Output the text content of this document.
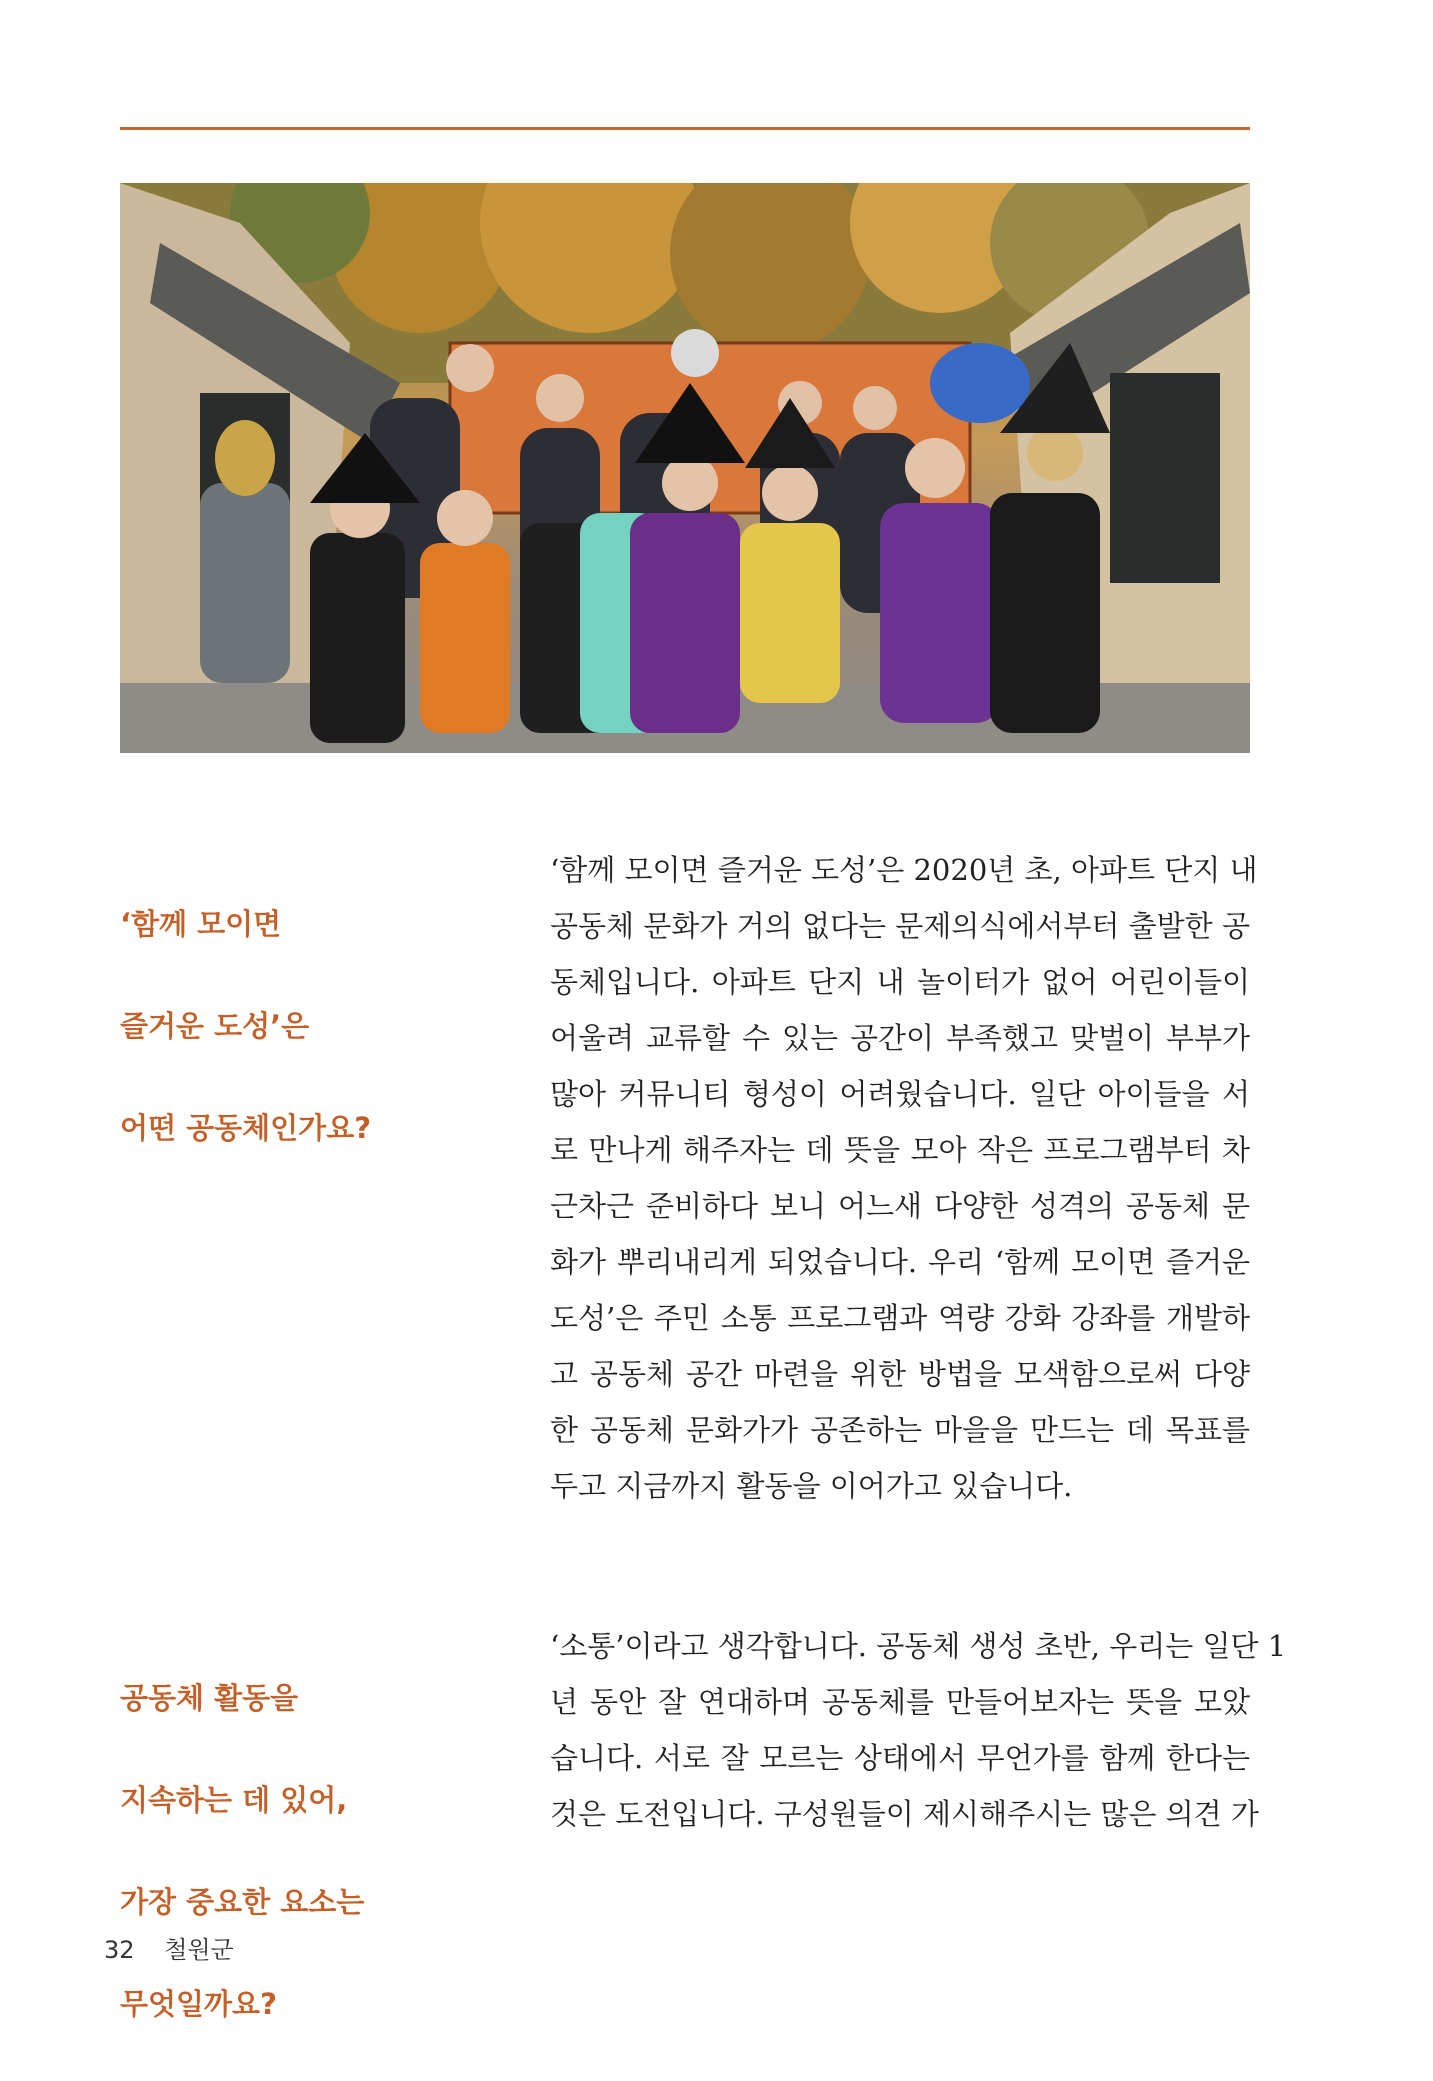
‘함께 모이면

즐거운 도성’은

어떤 공동체인가요?

‘함께 모이면 즐거운 도성’은 2020년 초, 아파트 단지 내
공동체 문화가 거의 없다는 문제의식에서부터 출발한 공
동체입니다. 아파트 단지 내 놀이터가 없어 어린이들이
어울려 교류할 수 있는 공간이 부족했고 맞벌이 부부가
많아 커뮤니티 형성이 어려웠습니다. 일단 아이들을 서
로 만나게 해주자는 데 뜻을 모아 작은 프로그램부터 차
근차근 준비하다 보니 어느새 다양한 성격의 공동체 문
화가 뿌리내리게 되었습니다. 우리 ‘함께 모이면 즐거운
도성’은 주민 소통 프로그램과 역량 강화 강좌를 개발하
고 공동체 공간 마련을 위한 방법을 모색함으로써 다양
한 공동체 문화가가 공존하는 마을을 만드는 데 목표를
두고 지금까지 활동을 이어가고 있습니다.

공동체 활동을

지속하는 데 있어,

가장 중요한 요소는

무엇일까요?

‘소통’이라고 생각합니다. 공동체 생성 초반, 우리는 일단 1
년 동안 잘 연대하며 공동체를 만들어보자는 뜻을 모았
습니다. 서로 잘 모르는 상태에서 무언가를 함께 한다는
것은 도전입니다. 구성원들이 제시해주시는 많은 의견 가
32 철원군
